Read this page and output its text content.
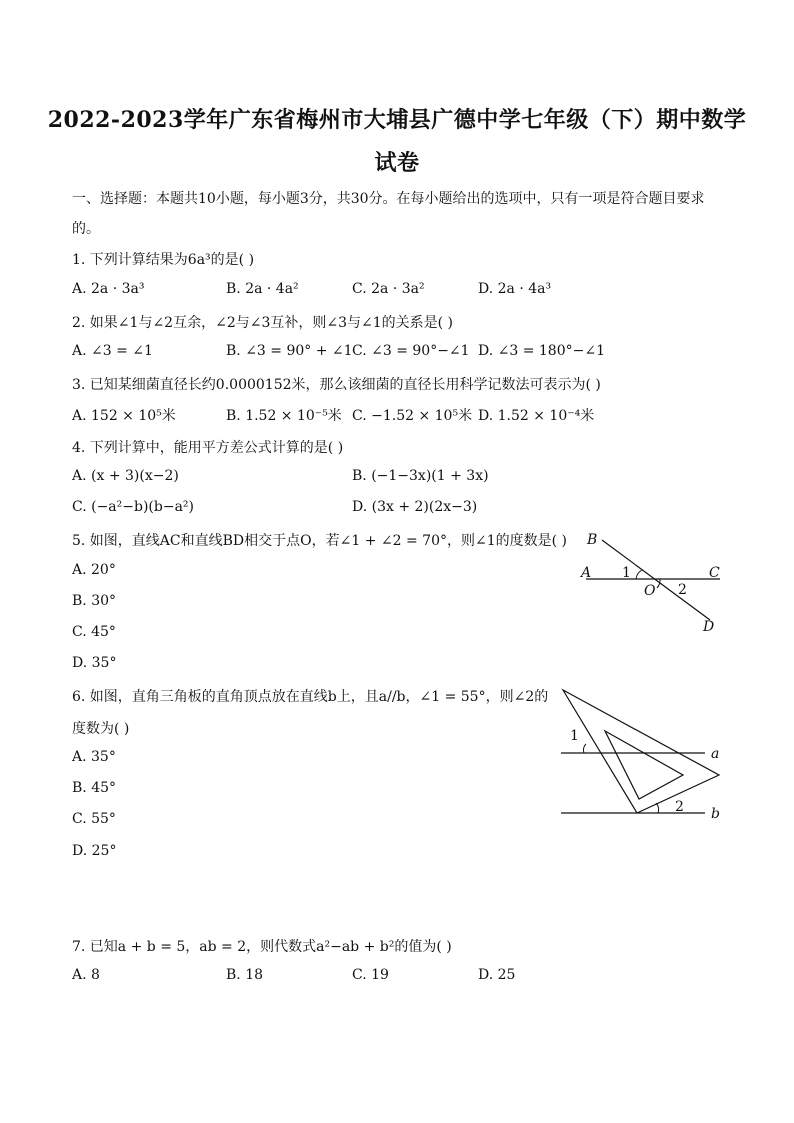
2022-2023学年广东省梅州市大埔县广德中学七年级（下）期中数学
试卷
一、选择题：本题共10小题，每小题3分，共30分。在每小题给出的选项中，只有一项是符合题目要求
的。
1. 下列计算结果为6a³的是( )
A. 2a · 3a³	B. 2a · 4a²	C. 2a · 3a²	D. 2a · 4a³
2. 如果∠1与∠2互余，∠2与∠3互补，则∠3与∠1的关系是( )
A. ∠3 = ∠1	B. ∠3 = 90° + ∠1 C. ∠3 = 90°−∠1 D. ∠3 = 180°−∠1
3. 已知某细菌直径长约0.0000152米，那么该细菌的直径长用科学记数法可表示为( )
A. 152 × 10⁵米	B. 1.52 × 10⁻⁵米 C. −1.52 × 10⁵米 D. 1.52 × 10⁻⁴米
4. 下列计算中，能用平方差公式计算的是( )
A. (x + 3)(x−2)	B. (−1−3x)(1 + 3x)
C. (−a²−b)(b−a²)	D. (3x + 2)(2x−3)
5. 如图，直线AC和直线BD相交于点O，若∠1 + ∠2 = 70°，则∠1的度数是( )
A. 20°
B. 30°
C. 45°
D. 35°
B
A 1	C
O 2
D
6. 如图，直角三角板的直角顶点放在直线b上，且a//b，∠1 = 55°，则∠2的
度数为( )
A. 35°
B. 45°
C. 55°
D. 25°
1
a
2 b
7. 已知a + b = 5，ab = 2，则代数式a²−ab + b²的值为( )
A. 8	B. 18	C. 19	D. 25
